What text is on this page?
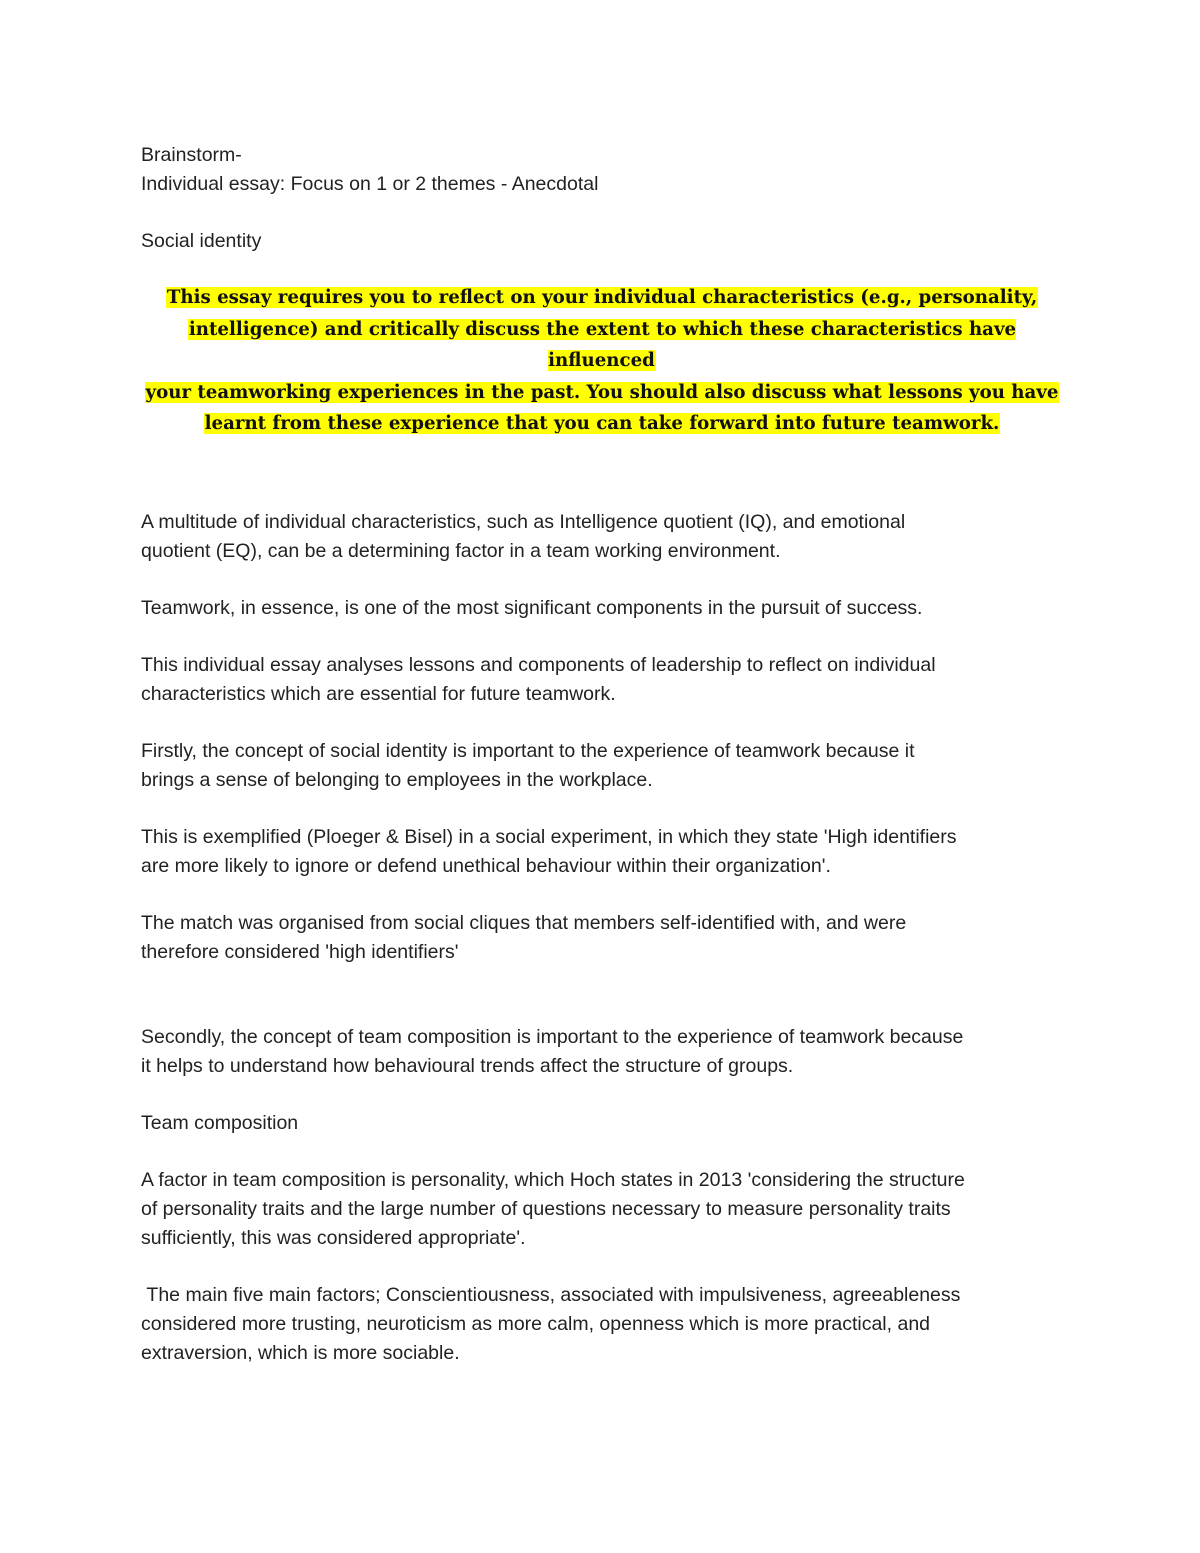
Brainstorm-

Individual essay: Focus on 1 or 2 themes - Anecdotal

Social identity

This essay requires you to reflect on your individual characteristics (e.g., personality,
intelligence) and critically discuss the extent to which these characteristics have influenced
your teamworking experiences in the past. You should also discuss what lessons you have
learnt from these experience that you can take forward into future teamwork.

A multitude of individual characteristics, such as Intelligence quotient (IQ), and emotional

quotient (EQ), can be a determining factor in a team working environment.

Teamwork, in essence, is one of the most significant components in the pursuit of success.

This individual essay analyses lessons and components of leadership to reflect on individual

characteristics which are essential for future teamwork.

Firstly, the concept of social identity is important to the experience of teamwork because it

brings a sense of belonging to employees in the workplace.

This is exemplified (Ploeger & Bisel) in a social experiment, in which they state 'High identifiers

are more likely to ignore or defend unethical behaviour within their organization'.

The match was organised from social cliques that members self-identified with, and were

therefore considered 'high identifiers'

Secondly, the concept of team composition is important to the experience of teamwork because

it helps to understand how behavioural trends affect the structure of groups.

Team composition

A factor in team composition is personality, which Hoch states in 2013 'considering the structure

of personality traits and the large number of questions necessary to measure personality traits

sufficiently, this was considered appropriate'.

The main five main factors; Conscientiousness, associated with impulsiveness, agreeableness

considered more trusting, neuroticism as more calm, openness which is more practical, and

extraversion, which is more sociable.
